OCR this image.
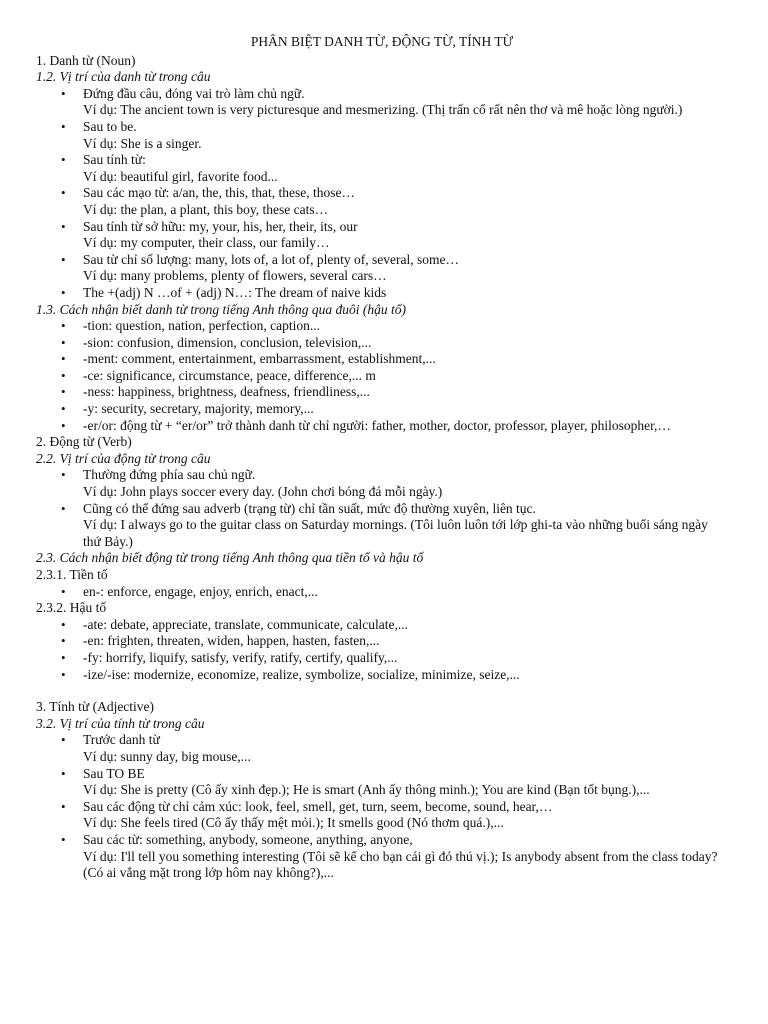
PHÂN BIỆT DANH TỪ, ĐỘNG TỪ, TÍNH TỪ
1. Danh từ (Noun)
1.2. Vị trí của danh từ trong câu
• Đứng đầu câu, đóng vai trò làm chủ ngữ.
Ví dụ: The ancient town is very picturesque and mesmerizing. (Thị trấn cổ rất nên thơ và mê hoặc lòng người.)
• Sau to be.
Ví dụ: She is a singer.
• Sau tính từ:
Ví dụ: beautiful girl, favorite food...
• Sau các mạo từ: a/an, the, this, that, these, those…
Ví dụ: the plan, a plant, this boy, these cats…
• Sau tính từ sở hữu: my, your, his, her, their, its, our
Ví dụ: my computer, their class, our family…
• Sau từ chỉ số lượng: many, lots of, a lot of, plenty of, several, some…
Ví dụ: many problems, plenty of flowers, several cars…
• The +(adj) N …of + (adj) N…: The dream of naive kids
1.3. Cách nhận biết danh từ trong tiếng Anh thông qua đuôi (hậu tố)
• -tion: question, nation, perfection, caption...
• -sion: confusion, dimension, conclusion, television,...
• -ment: comment, entertainment, embarrassment, establishment,...
• -ce: significance, circumstance, peace, difference,... m
• -ness: happiness, brightness, deafness, friendliness,...
• -y: security, secretary, majority, memory,...
• -er/or: động từ + “er/or” trở thành danh từ chỉ người: father, mother, doctor, professor, player, philosopher,…
2. Động từ (Verb)
2.2. Vị trí của động từ trong câu
• Thường đứng phía sau chủ ngữ.
Ví dụ: John plays soccer every day. (John chơi bóng đá mỗi ngày.)
• Cũng có thể đứng sau adverb (trạng từ) chỉ tần suất, mức độ thường xuyên, liên tục.
Ví dụ: I always go to the guitar class on Saturday mornings. (Tôi luôn luôn tới lớp ghi-ta vào những buổi sáng ngày thứ Bảy.)
2.3. Cách nhận biết động từ trong tiếng Anh thông qua tiền tố và hậu tố
2.3.1. Tiền tố
• en-: enforce, engage, enjoy, enrich, enact,...
2.3.2. Hậu tố
• -ate: debate, appreciate, translate, communicate, calculate,...
• -en: frighten, threaten, widen, happen, hasten, fasten,...
• -fy: horrify, liquify, satisfy, verify, ratify, certify, qualify,...
• -ize/-ise: modernize, economize, realize, symbolize, socialize, minimize, seize,...
3. Tính từ (Adjective)
3.2. Vị trí của tính từ trong câu
• Trước danh từ
Ví dụ: sunny day, big mouse,...
• Sau TO BE
Ví dụ: She is pretty (Cô ấy xinh đẹp.); He is smart (Anh ấy thông minh.); You are kind (Bạn tốt bụng.),...
• Sau các động từ chỉ cảm xúc: look, feel, smell, get, turn, seem, become, sound, hear,…
Ví dụ: She feels tired (Cô ấy thấy mệt mỏi.); It smells good (Nó thơm quá.),...
• Sau các từ: something, anybody, someone, anything, anyone,
Ví dụ: I'll tell you something interesting (Tôi sẽ kể cho bạn cái gì đó thú vị.); Is anybody absent from the class today? (Có ai vắng mặt trong lớp hôm nay không?),...
